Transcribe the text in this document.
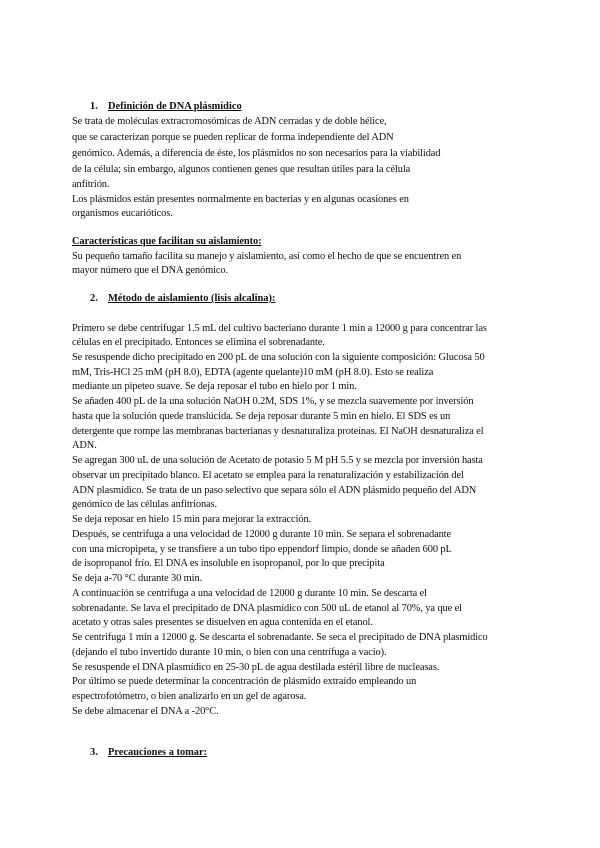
1. Definición de DNA plásmídico
Se trata de moléculas extracromosómicas de ADN cerradas y de doble hélice,
que se caracterizan porque se pueden replicar de forma independiente del ADN
genómico. Además, a diferencia de éste, los plásmidos no son necesarios para la viabilidad
de la célula; sin embargo, algunos contienen genes que resultan útiles para la célula
anfitrión.
Los plásmidos están presentes normalmente en bacterias y en algunas ocasiones en
organismos eucarióticos.
Características que facilitan su aislamiento:
Su pequeño tamaño facilita su manejo y aislamiento, así como el hecho de que se encuentren en
mayor número que el DNA genómico.
2. Método de aislamiento (lisis alcalina):
Primero se debe centrifugar 1.5 mL del cultivo bacteriano durante 1 min a 12000 g para concentrar las
células en el precipitado. Entonces se elimina el sobrenadante.
Se resuspende dicho precipitado en 200 pL de una solución con la siguiente composición: Glucosa 50
mM, Tris-HCl 25 mM (pH 8.0), EDTA (agente quelante)10 mM (pH 8.0). Esto se realiza
mediante un pipeteo suave. Se deja reposar el tubo en hielo por 1 min.
Se añaden 400 pL de la una solución NaOH 0.2M, SDS 1%, y se mezcla suavemente por inversión
hasta que la solución quede translúcida. Se deja reposar durante 5 min en hielo. El SDS es un
detergente que rompe las membranas bacterianas y desnaturaliza proteínas. El NaOH desnaturaliza el
ADN.
Se agregan 300 uL de una solución de Acetato de potasio 5 M pH 5.5 y se mezcla por inversión hasta
observar un precipitado blanco. El acetato se emplea para la renaturalización y estabilización del
ADN plasmídico. Se trata de un paso selectivo que separa sólo el ADN plásmido pequeño del ADN
genómico de las células anfitrionas.
Se deja reposar en hielo 15 min para mejorar la extracción.
Después, se centrifuga a una velocidad de 12000 g durante 10 min. Se separa el sobrenadante
con una micropipeta, y se transfiere a un tubo tipo eppendorf limpio, donde se añaden 600 pL
de isopropanol frío. El DNA es insoluble en isopropanol, por lo que precipita
Se deja a-70 °C durante 30 min.
A continuación se centrifuga a una velocidad de 12000 g durante 10 min. Se descarta el
sobrenadante. Se lava el precipitado de DNA plasmídico con 500 uL de etanol al 70%, ya que el
acetato y otras sales presentes se disuelven en agua contenida en el etanol.
Se centrifuga 1 min a 12000 g. Se descarta el sobrenadante. Se seca el precipitado de DNA plasmídico
(dejando el tubo invertido durante 10 min, o bien con una centrífuga a vacío).
Se resuspende el DNA plasmídico en 25-30 pL de agua destilada estéril libre de nucleasas.
Por último se puede determinar la concentración de plásmido extraído empleando un
espectrofotómetro, o bien analizarlo en un gel de agarosa.
Se debe almacenar el DNA a -20°C.
3. Precauciones a tomar:
